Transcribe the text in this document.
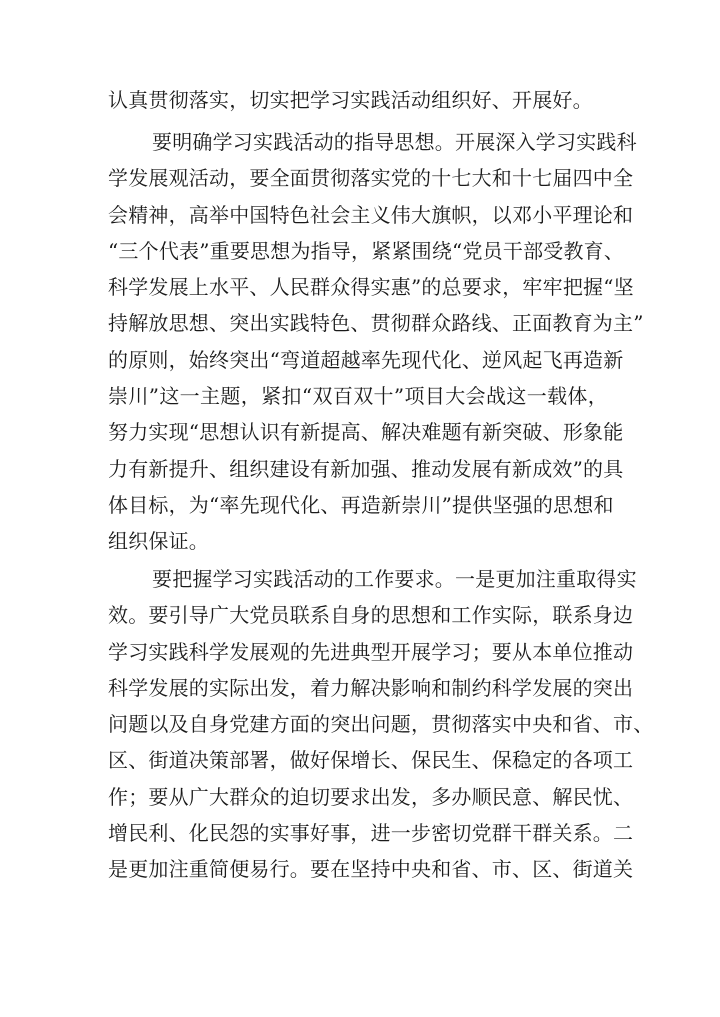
认真贯彻落实，切实把学习实践活动组织好、开展好。
要明确学习实践活动的指导思想。开展深入学习实践科
学发展观活动，要全面贯彻落实党的十七大和十七届四中全
会精神，高举中国特色社会主义伟大旗帜，以邓小平理论和
“三个代表”重要思想为指导，紧紧围绕“党员干部受教育、
科学发展上水平、人民群众得实惠”的总要求，牢牢把握“坚
持解放思想、突出实践特色、贯彻群众路线、正面教育为主”
的原则，始终突出“弯道超越率先现代化、逆风起飞再造新
崇川”这一主题，紧扣“双百双十”项目大会战这一载体，
努力实现“思想认识有新提高、解决难题有新突破、形象能
力有新提升、组织建设有新加强、推动发展有新成效”的具
体目标，为“率先现代化、再造新崇川”提供坚强的思想和
组织保证。
要把握学习实践活动的工作要求。一是更加注重取得实
效。要引导广大党员联系自身的思想和工作实际，联系身边
学习实践科学发展观的先进典型开展学习；要从本单位推动
科学发展的实际出发，着力解决影响和制约科学发展的突出
问题以及自身党建方面的突出问题，贯彻落实中央和省、市、
区、街道决策部署，做好保增长、保民生、保稳定的各项工
作；要从广大群众的迫切要求出发，多办顺民意、解民忧、
增民利、化民怨的实事好事，进一步密切党群干群关系。二
是更加注重简便易行。要在坚持中央和省、市、区、街道关
